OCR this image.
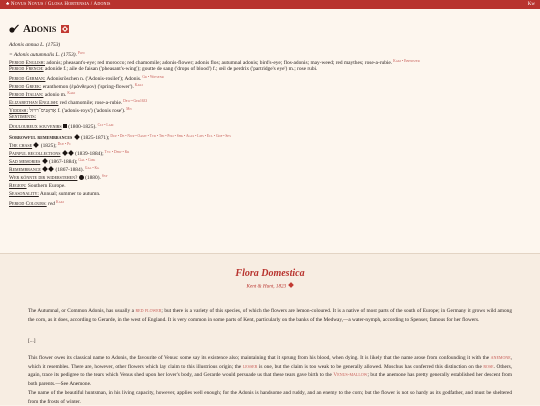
♣ Novus Novus / Glosa Hortensia / Adonis	Kw
Adonis
Adonis annua L. (1753)
= Adonis autumnalis L. (1753).$^{Pow}$
Period English: adonis; pheasant's-eye; red morocco; red chamomile; adonis-flower; adonis flos; autumnal adonis; bird's-eye; flos-adonis; may-weed; red maythes; rose-a-rubie.$^{Kaki • Ebenezer}$
Period French: adonide f.; aile de faisan ('pheasant's-wing'); goutte de sang ('drops of blood') f.; œil de perdrix ('partridge's eye') m.; rose rubi.
Period German: Adonisröschen n. ('Adonis-rosilet'); Adonis.$^{Gr • Wiesenr}$
Period Greek: eranthemon (ἐράνθεμον) ('spring-flower').$^{Kaki}$
Period Italian: adonio m.$^{Kaki}$
Elizabethan English: red chamomile; rose-a-rubie.$^{Dew • Ger1633}$
Yiddish: אַדאָניס־רויזל f. ('adonis-roys') ('adonis rose').$^{Mn}$
Sentiments:
Douloureux souvenirs  (1800-1825).$^{Clt • Lam}$
Sorrowful remembrances  (1825-1871);$^{Dup • De • Nwp • Oamt • Ttd • Thi • Pno • Shk • Agls • Lips • Ecl • Gdf • Ses}$
The chase  (1825);$^{Dup • Pc}$
Painful recollections  (1839-1884);$^{Tyc • Dhw • Kr}$
Sad memories  (1867-1884);$^{Gal • Cmk}$
Remembrance  (1867-1884).$^{Gal • Kg}$
Wer könnte dir widerstehen?  (1880).$^{Ssy}$
Region: Southern Europe.
Seasonality: Annual; summer to autumn.
Period Colours: red$^{Kaki}$
Flora Domestica
Kent & Hunt, 1823
The Autumnal, or Common Adonis, has usually a red flower; but there is a variety of this species, of which the flowers are lemon-coloured. It is a native of most parts of the south of Europe; in Germany it grows wild among the corn, as it does, according to Gerarde, in the west of England. It is very common in some parts of Kent, particularly on the banks of the Medway,—a water-nymph, according to Spenser, famous for her flowers.
[...]
This flower owes its classical name to Adonis, the favourite of Venus: some say its existence also; maintaining that it sprung from his blood, when dying. It is likely that the name arose from confounding it with the anemone, which it resembles. There are, however, other flowers which lay claim to this illustrious origin; the lesser is one, but the claim is too weak to be generally allowed. Moschus has conferred this distinction on the rose. Others, again, trace its pedigree to the tears which Venus shed upon her lover's body, and Gerarde would persuade us that these tears gave birth to the Venus-mallow; but the anemone has pretty generally established her descent from both parents.—See Anemone.
The name of the beautiful huntsman, in his living capacity, however, applies well enough; for the Adonis is handsome and ruddy, and an enemy to the corn; but the flower is not so hardy as its godfather, and must be sheltered from the frosts of winter.
